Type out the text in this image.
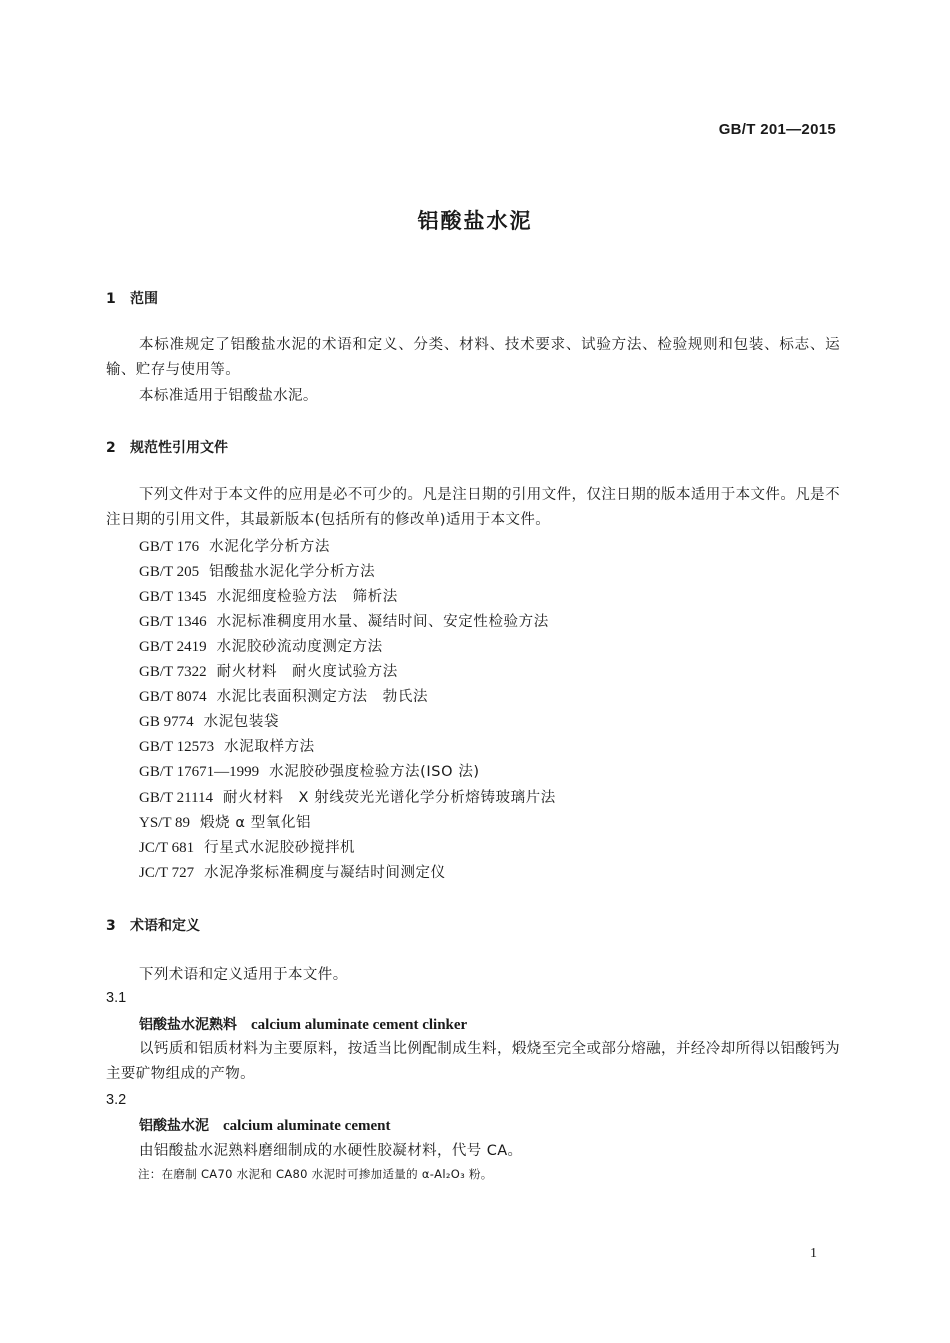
GB/T 201—2015
铝酸盐水泥
1 范围
本标准规定了铝酸盐水泥的术语和定义、分类、材料、技术要求、试验方法、检验规则和包装、标志、运输、贮存与使用等。
本标准适用于铝酸盐水泥。
2 规范性引用文件
下列文件对于本文件的应用是必不可少的。凡是注日期的引用文件，仅注日期的版本适用于本文件。凡是不注日期的引用文件，其最新版本(包括所有的修改单)适用于本文件。
GB/T 176 水泥化学分析方法
GB/T 205 铝酸盐水泥化学分析方法
GB/T 1345 水泥细度检验方法　筛析法
GB/T 1346 水泥标准稠度用水量、凝结时间、安定性检验方法
GB/T 2419 水泥胶砂流动度测定方法
GB/T 7322 耐火材料　耐火度试验方法
GB/T 8074 水泥比表面积测定方法　勃氏法
GB 9774 水泥包装袋
GB/T 12573 水泥取样方法
GB/T 17671—1999 水泥胶砂强度检验方法(ISO 法)
GB/T 21114 耐火材料　X 射线荧光光谱化学分析熔铸玻璃片法
YS/T 89 煅烧 α 型氧化铝
JC/T 681 行星式水泥胶砂搅拌机
JC/T 727 水泥净浆标准稠度与凝结时间测定仪
3 术语和定义
下列术语和定义适用于本文件。
3.1
铝酸盐水泥熟料 calcium aluminate cement clinker
以钙质和铝质材料为主要原料，按适当比例配制成生料，煅烧至完全或部分熔融，并经冷却所得以铝酸钙为主要矿物组成的产物。
3.2
铝酸盐水泥 calcium aluminate cement
由铝酸盐水泥熟料磨细制成的水硬性胶凝材料，代号 CA。
注：在磨制 CA70 水泥和 CA80 水泥时可掺加适量的 α-Al₂O₃ 粉。
1
